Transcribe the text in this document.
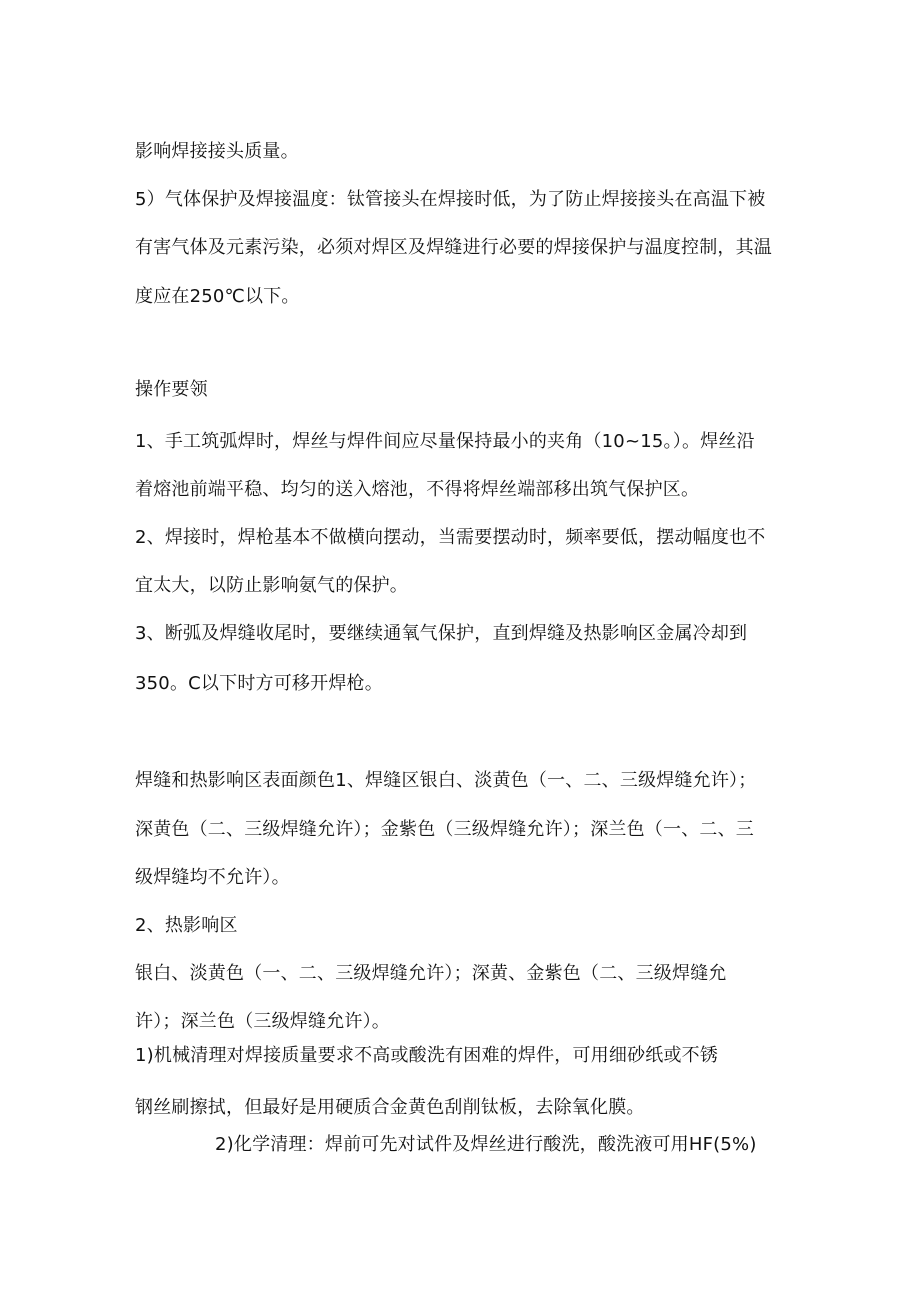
影响焊接接头质量。
5）气体保护及焊接温度：钛管接头在焊接时低，为了防止焊接接头在高温下被
有害气体及元素污染，必须对焊区及焊缝进行必要的焊接保护与温度控制，其温
度应在250℃以下。
操作要领
1、手工筑弧焊时，焊丝与焊件间应尽量保持最小的夹角（10~15。）。焊丝沿
着熔池前端平稳、均匀的送入熔池，不得将焊丝端部移出筑气保护区。
2、焊接时，焊枪基本不做横向摆动，当需要摆动时，频率要低，摆动幅度也不
宜太大，以防止影响氨气的保护。
3、断弧及焊缝收尾时，要继续通氧气保护，直到焊缝及热影响区金属冷却到
350。C以下时方可移开焊枪。
焊缝和热影响区表面颜色1、焊缝区银白、淡黄色（一、二、三级焊缝允许）；
深黄色（二、三级焊缝允许）；金紫色（三级焊缝允许）；深兰色（一、二、三
级焊缝均不允许）。
2、热影响区
银白、淡黄色（一、二、三级焊缝允许）；深黄、金紫色（二、三级焊缝允
许）；深兰色（三级焊缝允许）。
1)机械清理对焊接质量要求不高或酸洗有困难的焊件，可用细砂纸或不锈
钢丝刷擦拭，但最好是用硬质合金黄色刮削钛板，去除氧化膜。
2)化学清理：焊前可先对试件及焊丝进行酸洗，酸洗液可用HF(5%)
